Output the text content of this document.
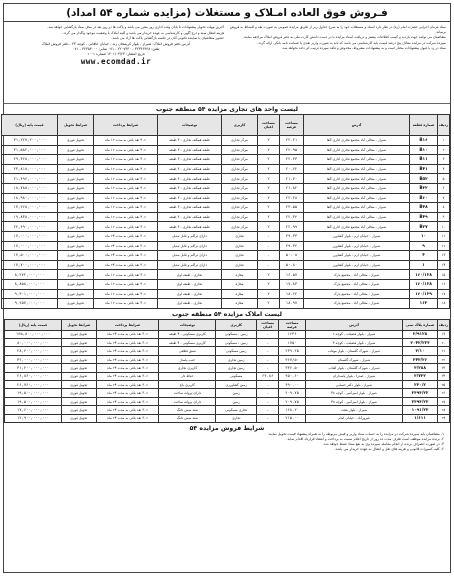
فـروش فوق العاده امـلاک و مستغلات (مزایده شماره ۵۴ امداد)

ستاد فرمان اجرایی حضرت امام (ره) در نظر دارد اسناد و مستغلات خود را به شرح جداول زیر از طریق مزایده عمومی به صورت نقد و اقساط به فروش برساند.

متقاضیان می توانند جهت بازدید و کسب اطلاعات بیشتر و دریافت اسناد مزایده با در دست داشتن کارت ملی به دفتر فروش املاک مراجعه نمایند.

سپرده شرکت در مزایده معادل پنج درصد قیمت پایه کارشناسی می باشد که باید به صورت واریز نقدی یا ضمانت نامه بانکی ارائه گردد.

ستاد در رد یا قبول پیشنهادات مختار است و به پیشنهادات مشروط، مخدوش و فاقد سپرده ترتیب اثر داده نخواهد شد.

آخرین مهلت تحویل پیشنهادات تا پایان وقت اداری روز مقرر می باشد و پاکت ها در روز بعد در محل ستاد بازگشایی خواهد شد.

هزینه انتقال سند و درج آگهی و کارشناسی به عهده خریدار می باشد و کلیه املاک با وضعیت موجود واگذار می گردد.

حضور متقاضیان یا نماینده قانونی آنان در جلسه بازگشایی پاکت ها آزاد می باشد.

آدرس دفتر فروش املاک: شیراز - بلوار کریمخان زند - خیابان خاقانی - کوچه ۴۳ - دفتر فروش املاک
تلفن: ۳۲۳۳۶۴۳۸ - ۲۲۰۷۴۳۰ - ۰۷۱ نمابر: ۳۲۳۵۳۰۰۰ - ۰۷۱
تاریخ انتشار: ۱۴۰۱/۰۳/۲۴ شماره ۱۰۰۱
www.ecomdad.ir
لیست واحد های تجاری مزایده ۵۴ منطقه جنوب
ردیف	شماره قطعه	آدرس	مساحت عرصه	مساحت اعیان	کاربری	توضیحات	شرایط پرداخت	شرایط تحویل	قیمت پایه (ریال)
۱	B۱۶	شیراز - معالی آباد مجتمع تجاری اداری آلفا	۲۲.۲۱	۲	مرکز تجاری	طبقه همکف تجاری - ۳ طبقه	۴۰٪ نقد باقی به مدت ۱۲ ماه	تحویل فوری	۳۱,۲۲۷,۲۰۰,۰۰۰
۲	B۱۰	شیراز - معالی آباد مجتمع تجاری اداری آلفا	۲۲.۹۵	۲	مرکز تجاری	طبقه همکف تجاری - ۳ طبقه	۴۰٪ نقد باقی به مدت ۱۲ ماه	تحویل فوری	۳۱,۵۸۲,۰۰۰,۰۰۰
۳	B۱۱	شیراز - معالی آباد مجتمع تجاری اداری آلفا	۲۲.۴۳	۲	مرکز تجاری	طبقه همکف تجاری - ۳ طبقه	۴۰٪ نقد باقی به مدت ۱۲ ماه	تحویل فوری	۲۹,۳۶۸,۰۰۰,۰۰۰
۴	B۴۱	شیراز - معالی آباد مجتمع تجاری اداری آلفا	۲۰.۶۲	۲	مرکز تجاری	طبقه همکف تجاری - ۳ طبقه	۴۰٪ نقد باقی به مدت ۱۲ ماه	تحویل فوری	۲۳,۸۱۸,۰۰۰,۰۰۰
۵	B۵۲	شیراز - معالی آباد مجتمع تجاری اداری آلفا	۲۱.۷۰	۲	مرکز تجاری	طبقه همکف تجاری - ۳ طبقه	۴۰٪ نقد باقی به مدت ۱۲ ماه	تحویل فوری	۲۱,۴۹۶,۰۰۰,۰۰۰
۶	B۳۲	شیراز - معالی آباد مجتمع تجاری اداری آلفا	۲۱.۸۲	۲	مرکز تجاری	طبقه همکف تجاری - ۳ طبقه	۴۰٪ نقد باقی به مدت ۱۲ ماه	تحویل فوری	۱۸,۷۸۸,۰۰۰,۰۰۰
۷	B۶۰	شیراز - معالی آباد مجتمع تجاری اداری آلفا	۲۲.۲۸	۲	مرکز تجاری	طبقه همکف تجاری - ۳ طبقه	۴۰٪ نقد باقی به مدت ۱۲ ماه	تحویل فوری	۱۸,۹۸۰,۰۰۰,۰۰۰
۸	B۴۸	شیراز - معالی آباد مجتمع تجاری اداری آلفا	۲۳.۵۵	۲	مرکز تجاری	طبقه همکف تجاری - ۳ طبقه	۴۰٪ نقد باقی به مدت ۱۲ ماه	تحویل فوری	۱۷,۲۶۸,۰۰۰,۰۰۰
۹	B۴۹	شیراز - معالی آباد مجتمع تجاری اداری آلفا	۲۲.۳۴	۲	مرکز تجاری	طبقه همکف تجاری - ۳ طبقه	۴۰٪ نقد باقی به مدت ۱۲ ماه	تحویل فوری	۱۹,۸۳۸,۰۰۰,۰۰۰
۱۰	B۲۷	شیراز - معالی آباد مجتمع تجاری اداری آلفا	۲۲.۹۹	۲	مرکز تجاری	طبقه همکف تجاری - ۳ طبقه	۴۰٪ نقد باقی به مدت ۱۲ ماه	تحویل فوری	۲۴,۴۹۰,۰۰۰,۰۰۰
۱۱	۱۰	شیراز - خیابان ارم - بلوار کشاورز	۴۹.۳۳	-	تجاری	دارای تراکم و قابل تبدیل	۳۰٪ نقد باقی به مدت ۲۴ ماه	تحویل فوری	۱۷,۰۰۰,۰۰۰,۰۰۰
۱۲	۹	شیراز - خیابان ارم - بلوار کشاورز	۴۹.۳۴	-	تجاری	دارای تراکم و قابل تبدیل	۳۰٪ نقد باقی به مدت ۲۴ ماه	تحویل فوری	۱۷,۰۰۰,۰۰۰,۰۰۰
۱۳	۴	شیراز - خیابان ارم - بلوار کشاورز	۵۰.۰۸	-	تجاری	دارای تراکم و قابل تبدیل	۳۰٪ نقد باقی به مدت ۲۴ ماه	تحویل فوری	۱۷,۵۰۰,۰۰۰,۰۰۰
۱۴	۱	شیراز - خیابان ارم - بلوار کشاورز	۵۰.۸۰	-	تجاری	دارای تراکم و قابل تبدیل	۳۰٪ نقد باقی به مدت ۲۴ ماه	تحویل فوری	۱۷,۷۰۰,۰۰۰,۰۰۰
۱۵	۱۶۰/۱۲۸	شیراز - معالی آباد - مجتمع پارک	۱۶.۵۷	۲	مغازه	تجاری - طبقه اول	۴۰٪ نقد باقی به مدت ۱۲ ماه	تحویل فوری	۸,۲۷۲,۰۰۰,۰۰۰
۱۶	۱۶۰/۱۳۸	شیراز - معالی آباد - مجتمع پارک	۱۷.۸۳	۲	مغازه	تجاری - طبقه اول	۴۰٪ نقد باقی به مدت ۱۲ ماه	تحویل فوری	۸,۸۵۸,۰۰۰,۰۰۰
۱۷	۱۶۰/۱۳۹	شیراز - معالی آباد - مجتمع پارک	۱۸.۶۲	۲	مغازه	تجاری - طبقه اول	۴۰٪ نقد باقی به مدت ۱۲ ماه	تحویل فوری	۹,۳۰۱,۰۰۰,۰۰۰
۱۸	۱۶۳	شیراز - معالی آباد - مجتمع پارک	۱۸.۹۷	۲	مغازه	تجاری - طبقه اول	۴۰٪ نقد باقی به مدت ۱۲ ماه	تحویل فوری	۹,۴۵۷,۰۰۰,۰۰۰
لیست املاک مزایده ۵۴ منطقه جنوب
ردیف	شماره پلاک ثبتی	آدرس	مساحت عرصه	مساحت اعیان	کاربری	توضیحات	شرایط پرداخت	شرایط تحویل	قیمت پایه (ریال)
۱۹	۲/۹۱۲۸	شیراز - بلوار فضیلت - کوچه ۲	۱۶۳۶	-	زمین - مسکونی	کاربری مسکونی - ۴ طبقه	۳۰٪ نقد باقی به مدت ۲۴ ماه	تحویل فوری	۱۴۵,۸۰۰,۰۰۰,۰۰۰
۲۰	۲۰۴۲/۲۲۳	شیراز - بلوار فضیلت - کوچه ۳	۱۷۵۰	-	زمین - مسکونی	کاربری مسکونی - ۴ طبقه	۳۰٪ نقد باقی به مدت ۲۴ ماه	تحویل فوری	۸۰,۰۰۰,۰۰۰,۰۰۰
۲۱	۲/۱۰	شیراز - شهرک گلستان - بلوار مهتاب	۲۳۹.۲۵	-	زمین مسکونی	نسق قطعی	۳۰٪ نقد باقی به مدت ۲۴ ماه	تحویل فوری	۲۸,۴۰۰,۰۰۰,۰۰۰
۲۲	۳۴۳/۲۶	شیراز - شهرک گلستان	۳۶۷/۵۰	-	زمین تجاری	جنب پاساژ	۳۰٪ نقد باقی به مدت ۲۴ ماه	تحویل فوری	۳۲,۰۰۰,۰۰۰,۰۰۰
۲۳	۳/۲۸۸	شیراز - شهرک گلستان - بلوار آفتاب	۳۳۶.۵۰	-	زمین تجاری	کاربری تجاری	۳۰٪ نقد باقی به مدت ۲۴ ماه	تحویل فوری	۳۱,۴۰۰,۰۰۰,۰۰۰
۲۴	۲/۷۳۲	شیراز - صدرا - بلوار پاسداران	۴۵۰.۶۰	۶۴.۸۶	مسکونی	حیاط دار	۳۰٪ نقد باقی به مدت ۲۴ ماه	تحویل فوری	۲۶,۸۶۰,۰۰۰,۰۰۰
۲۵	۲۳۰/۲	شیراز - بلوار دکتر حسابی	۴۹۰.۰۰	-	زمین کشاورزی	کاربری باغ	۳۰٪ نقد باقی به مدت ۲۴ ماه	تحویل فوری	۲۶,۷۶۰,۰۰۰,۰۰۰
۲۶	۲۳۹۳/۲۲	شیراز - بلوار امیرکبیر - کوچه ۴۸	۲۰۹.۷۵	-	زمین	دارای پروانه ساخت	۳۰٪ نقد باقی به مدت ۲۴ ماه	تحویل فوری	۱۹,۵۰۰,۰۰۰,۰۰۰
۲۷	۲۳۹۳/۲۳	شیراز - بلوار امیرکبیر - کوچه ۴۸	۲۰۹.۷۵	-	زمین	دارای پروانه ساخت	۳۰٪ نقد باقی به مدت ۲۴ ماه	تحویل فوری	۱۹,۵۰۰,۰۰۰,۰۰۰
۲۸	۱۰۹۱/۲۳	شیراز - بلوار بعثت	۱۶۸.۲۰	-	تجاری مسکونی	سند شش دانگ	۳۰٪ نقد باقی به مدت ۲۴ ماه	تحویل فوری	۱۷,۶۰۰,۰۰۰,۰۰۰
۲۹	۱/۶۱۱	فیروزآباد - خیابان امام	۲۱۵.۰۰	-	تجاری	سند شش دانگ	۳۰٪ نقد باقی به مدت ۲۴ ماه	تحویل فوری	۱۲,۹۰۰,۰۰۰,۰۰۰
شرایط فروش مزایده ۵۴

۱- متقاضیان باید سپرده شرکت در مزایده را به حساب ستاد واریز و فیش مربوطه را به همراه پیشنهاد قیمت تحویل نمایند.

۲- برنده مزایده موظف است ظرف مدت ده روز از تاریخ اعلام نسبت به پرداخت و انعقاد قرارداد اقدام نماید.

۳- در صورت انصراف برنده از انجام معامله سپرده وی به نفع ستاد ضبط خواهد شد.

۴- کلیه کسورات قانونی و هزینه های نقل و انتقال به عهده خریدار می باشد.
